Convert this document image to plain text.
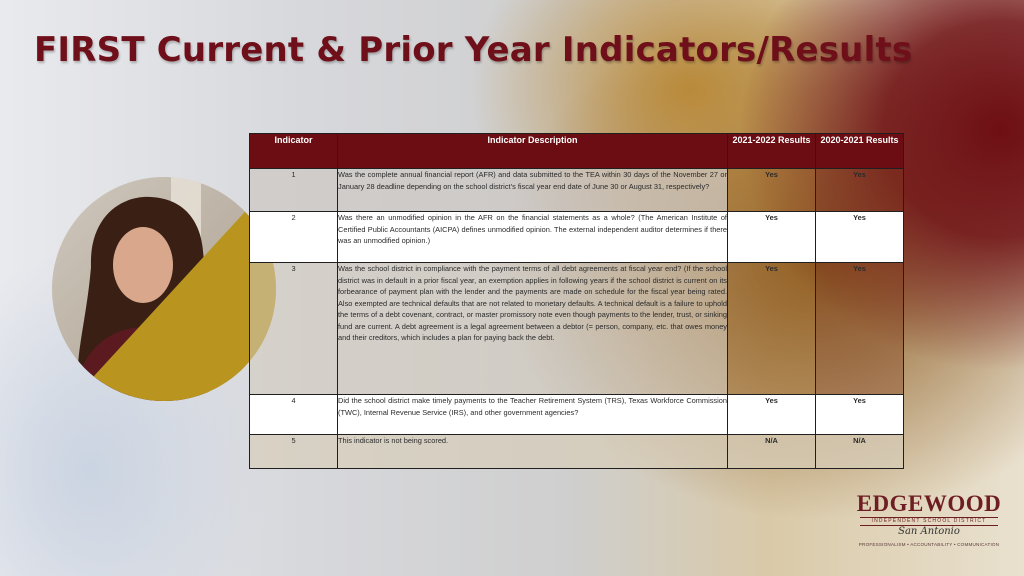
FIRST Current & Prior Year Indicators/Results
Indicator	Indicator Description	2021-2022 Results	2020-2021 Results
1	Was the complete annual financial report (AFR) and data submitted to the TEA within 30 days of the November 27 or January 28 deadline depending on the school district’s fiscal year end date of June 30 or August 31, respectively?	Yes	Yes
2	Was there an unmodified opinion in the AFR on the financial statements as a whole? (The American Institute of Certified Public Accountants (AICPA) defines unmodified opinion. The external independent auditor determines if there was an unmodified opinion.)	Yes	Yes
3	Was the school district in compliance with the payment terms of all debt agreements at fiscal year end? (If the school district was in default in a prior fiscal year, an exemption applies in following years if the school district is current on its forbearance of payment plan with the lender and the payments are made on schedule for the fiscal year being rated. Also exempted are technical defaults that are not related to monetary defaults. A technical default is a failure to uphold the terms of a debt covenant, contract, or master promissory note even though payments to the lender, trust, or sinking fund are current. A debt agreement is a legal agreement between a debtor (= person, company, etc. that owes money and their creditors, which includes a plan for paying back the debt.	Yes	Yes
4	Did the school district make timely payments to the Teacher Retirement System (TRS), Texas Workforce Commission (TWC), Internal Revenue Service (IRS), and other government agencies?	Yes	Yes
5	This indicator is not being scored.	N/A	N/A
EDGEWOOD
INDEPENDENT SCHOOL DISTRICT
San Antonio
PROFESSIONALISM • ACCOUNTABILITY • COMMUNICATION
